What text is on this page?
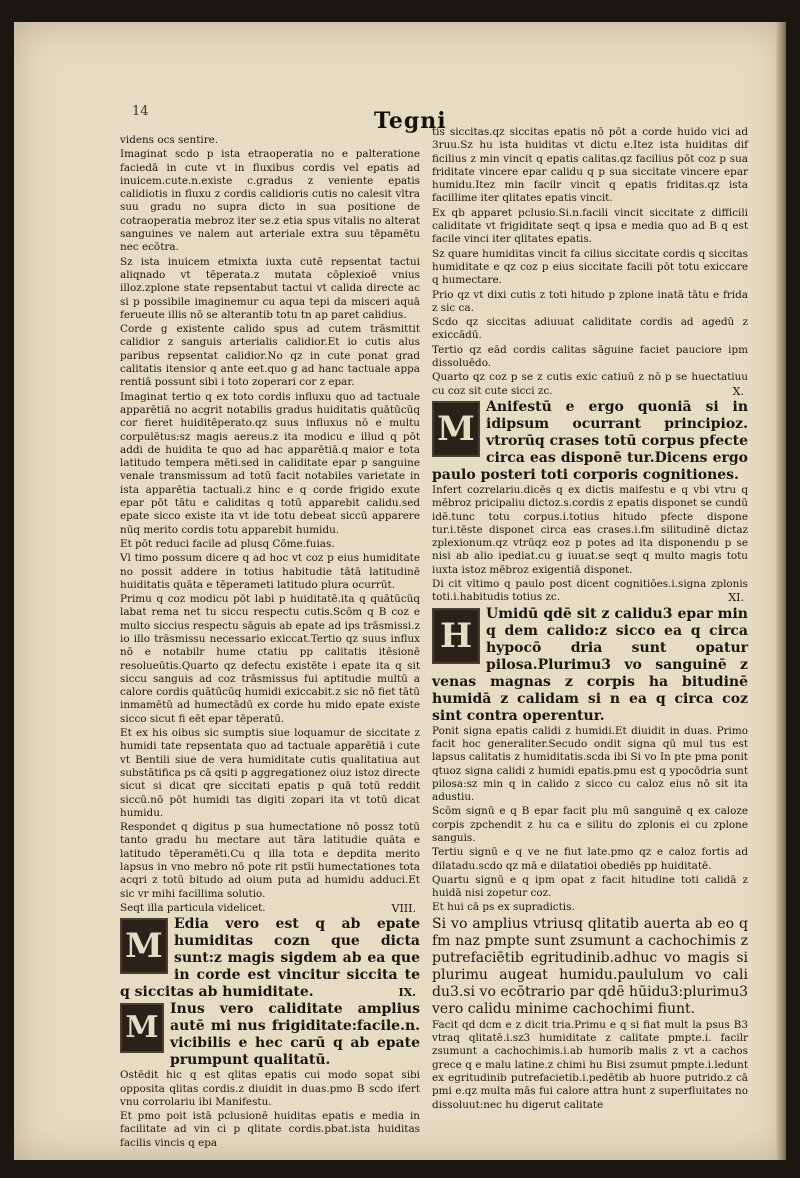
14	Tegni

videns ocs sentire.

Imaginat scdo p ista etraoperatia no e palteratione faciedā in cute vt in fluxibus cordis vel epatis ad inuicem.cute.n.existe c.gradus z veniente epatis calidiotis in fluxu z cordis calidioris cutis no calesit vltra suu gradu no supra dicto in sua positione de cotraoperatia mebroz iter se.z etia spus vitalis no alterat sanguines ve nalem aut arteriale extra suu tēpamētu nec ecōtra.

Sz ista inuicem etmixta iuxta cutē repsentat tactui aliqnado vt tēperata.z mutata cōplexioē vnius illoz.zplone state repsentabut tactui vt calida directe ac si p possibile imaginemur cu aqua tepi da misceri aquā ferueute illis nō se alterantib totu tn ap paret calidius.

Corde g existente calido spus ad cutem trāsmittit calidior z sanguis arterialis calidior.Et io cutis alus paribus repsentat calidior.No qz in cute ponat grad calitatis itensior q ante eet.quo g ad hanc tactuale appa rentiā possunt sibi i toto zoperari cor z epar.

Imaginat tertio q ex toto cordis influxu quo ad tactuale apparētiā no acgrit notabilis gradus huiditatis quātūcūq cor fieret huiditēperato.qz suus influxus nō e multu corpulētus:sz magis aereus.z ita modicu e illud q pōt addi de huidita te quo ad hac apparētiā.q maior e tota latitudo tempera mēti.sed in caliditate epar p sanguine venale transmissum ad totū facit notabiles varietate in ista apparētia tactuali.z hinc e q corde frigido exute epar pōt tātu e caliditas q totū apparebit calidu.sed epate sicco existe ita vt ide totu debeat siccū apparere nūq merito cordis totu apparebit humidu.

Et pōt reduci facile ad plusq Cōme.fuias.

Vl timo possum dicere q ad hoc vt coz p eius humiditate no possit addere in totius habitudie tātā latitudinē huiditatis quāta e tēperameti latitudo plura ocurrūt.

Primu q coz modicu pōt labi p huiditatē.ita q quātūcūq labat rema net tu siccu respectu cutis.Scōm q B coz e multo siccius respectu sāguis ab epate ad ips trāsmissi.z io illo trāsmissu necessario exiccat.Tertio qz suus influx nō e notabilr hume ctatiu pp calitatis itēsionē resolueūtis.Quarto qz defectu existēte i epate ita q sit siccu sanguis ad coz trāsmissus fui aptitudie multū a calore cordis quātūcūq humidi exiccabit.z sic nō fiet tātū inmamētū ad humectādū ex corde hu mido epate existe sicco sicut fi eēt epar tēperatū.

Et ex his oibus sic sumptis siue loquamur de siccitate z humidi tate repsentata quo ad tactuale apparētiā i cute vt Bentili siue de vera humiditate cutis qualitatiua aut substātifica ps cā qsiti p aggregationez oiuz istoz directe sicut si dicat qre siccitati epatis p quā totū reddit siccū.nō pōt humidi tas digiti zopari ita vt totū dicat humidu.

Respondet q digitus p sua humectatione nō possz totū tanto gradu hu mectare aut tāra latitudie quāta e latitudo tēperamēti.Cu q illa tota e depdita merito lapsus in vno mebro nō pote rit pstīi humectationes tota acqri z totū bitudo ad oium puta ad humidu adduci.Et sic vr mihi facillima solutio.

Seqt illa particula videlicet.	VIII.

M
Edia vero est q ab epate humiditas cozn que dicta sunt:z magis sigdem ab ea que in corde est vincitur siccita te q siccitas ab humiditate.	IX.
M
Inus vero caliditate amplius autē mi nus frigiditate:facile.n. vicibilis e hec carū q ab epate prumpunt qualitatū.

Ostēdit hic q est qlitas epatis cui modo sopat sibi opposita qlitas cordis.z diuidit in duas.pmo B scdo ifert vnu corrolariu ibi Manifestu.

Et pmo poit istā pclusionē huiditas epatis e media in facilitate ad vin ci p qlitate cordis.pbat.ista huiditas facilis vincis q epa

tis siccitas.qz siccitas epatis nō pōt a corde huido vici ad 3ruu.Sz hu ista huiditas vt dictu e.Itez ista huiditas dif ficilius z min vincit q epatis calitas.qz facilius pōt coz p sua friditate vincere epar calidu q p sua siccitate vincere epar humidu.Itez min facilr vincit q epatis friditas.qz ista facillime iter qlitates epatis vincit.

Ex qb apparet pclusio.Si.n.facili vincit siccitate z difficili caliditate vt frigiditate seqt q ipsa e media quo ad B q est facile vinci iter qlitates epatis.

Sz quare humiditas vincit fa cilius siccitate cordis q siccitas humiditate e qz coz p eius siccitate facili pōt totu exiccare q humectare.

Prio qz vt dixi cutis z toti hitudo p zplone inatā tātu e frida z sic ca.

Scdo qz siccitas adiuuat caliditate cordis ad agedū z exiccādū.

Tertio qz eād cordis calitas sāguine faciet pauciore ipm dissoluēdo.

Quarto qz coz p se z cutis exic catiuū z nō p se huectatiuu cu coz sit cute sicci zc.	X.

M
Anifestū e ergo quoniā si in idipsum ocurrant principioz. vtrorūq crases totū corpus pfecte circa eas disponē tur.Dicens ergo paulo posteri toti corporis cognitiones.

Infert cozrelariu.dicēs q ex dictis maifestu e q vbi vtru q mēbroz pricipaliu dictoz.s.cordis z epatis disponet se cundū idē.tunc totu corpus.i.totius hitudo pfecte dispone tur.i.tēste disponet circa eas crases.i.fm silitudinē dictaz zplexionum.qz vtrūqz eoz p potes ad ita disponendu p se nisi ab alio ipediat.cu g iuuat.se seqt q multo magis totu iuxta istoz mēbroz exigentiā disponet.

Di cit vltimo q paulo post dicent cognitiōes.i.signa zplonis toti.i.habitudis totius zc.	XI.

H
Umidū qdē sit z calidu3 epar min q dem calido:z sicco ea q circa hypocō dria sunt opatur pilosa.Plurimu3 vo sanguinē z venas magnas z corpis ha bitudinē humidā z calidam si n ea q circa coz sint contra operentur.

Ponit signa epatis calidi z humidi.Et diuidit in duas. Primo facit hoc generaliter.Secudo ondit signa qū mul tus est lapsus calitatis z humiditatis.scda ibi Si vo In pte pma ponit qtuoz signa calidi z humidi epatis.pmu est q ypocōdria sunt pilosa:sz min q in calido z sicco cu caloz eius nō sit ita adustiu.

Scōm signū e q B epar facit plu mū sanguinē q ex caloze corpis zpchendit z hu ca e silitu do zplonis ei cu zplone sanguis.

Tertiu signū e q ve ne fiut late.pmo qz e caloz fortis ad dilatadu.scdo qz mā e dilatatioi obediēs pp huiditatē.

Quartu signū e q ipm opat z facit hitudine toti calidā z huidā nisi zopetur coz.

Et hui cā ps ex supradictis.

Si vo amplius vtriusq qlitatib auerta ab eo q fm naz pmpte sunt zsumunt a cachochimis z putrefaciētib egritudinib.adhuc vo magis si plurimu augeat humidu.paululum vo cali du3.si vo ecōtrario par qdē hūidu3:plurimu3 vero calidu minime cachochimi fiunt.

Facit qd dcm e z dicit tria.Primu e q si fiat mult la psus B3 vtraq qlitatē.i.sz3 humiditate z calitate pmpte.i. facilr zsumunt a cachochimis.i.ab humorib malis z vt a cachos grece q e malu latine.z chimi hu Bisi zsumut pmpte.i.ledunt ex egritudinib putrefacietib.i.pedētib ab huore putrido.z cā pmi e.qz multa mās fui calore attra hunt z superfluitates no dissoluut:nec hu digerut calitate
